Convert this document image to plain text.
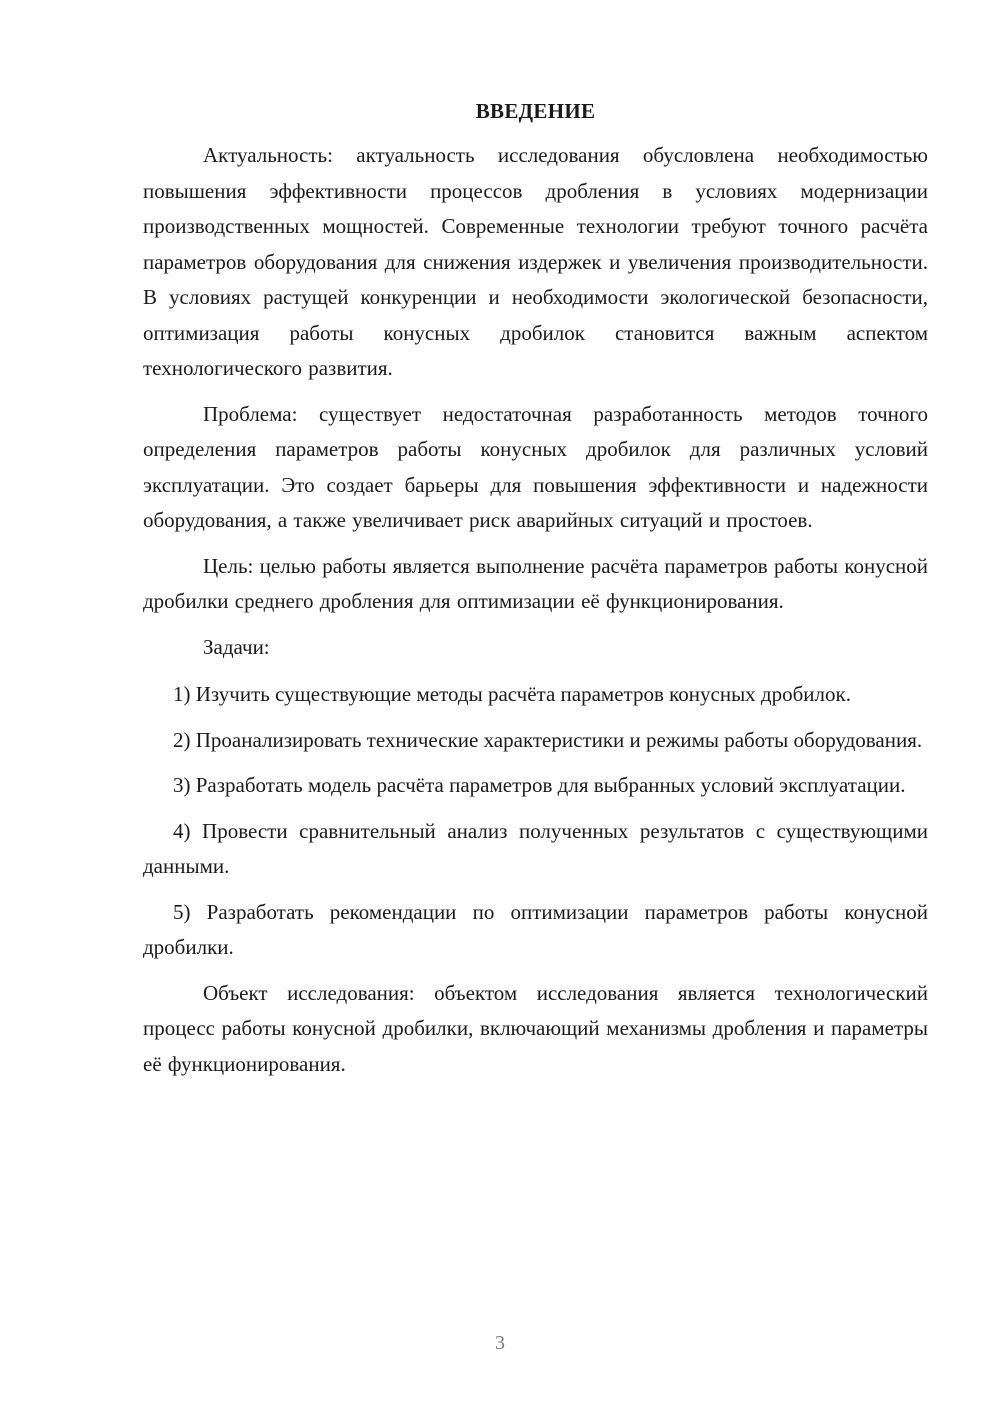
ВВЕДЕНИЕ

Актуальность: актуальность исследования обусловлена необходимостью повышения эффективности процессов дробления в условиях модернизации производственных мощностей. Современные технологии требуют точного расчёта параметров оборудования для снижения издержек и увеличения производительности. В условиях растущей конкуренции и необходимости экологической безопасности, оптимизация работы конусных дробилок становится важным аспектом технологического развития.

Проблема: существует недостаточная разработанность методов точного определения параметров работы конусных дробилок для различных условий эксплуатации. Это создает барьеры для повышения эффективности и надежности оборудования, а также увеличивает риск аварийных ситуаций и простоев.

Цель: целью работы является выполнение расчёта параметров работы конусной дробилки среднего дробления для оптимизации её функционирования.

Задачи:

1) Изучить существующие методы расчёта параметров конусных дробилок.

2) Проанализировать технические характеристики и режимы работы оборудования.

3) Разработать модель расчёта параметров для выбранных условий эксплуатации.

4) Провести сравнительный анализ полученных результатов с существующими данными.

5) Разработать рекомендации по оптимизации параметров работы конусной дробилки.

Объект исследования: объектом исследования является технологический процесс работы конусной дробилки, включающий механизмы дробления и параметры её функционирования.

3
